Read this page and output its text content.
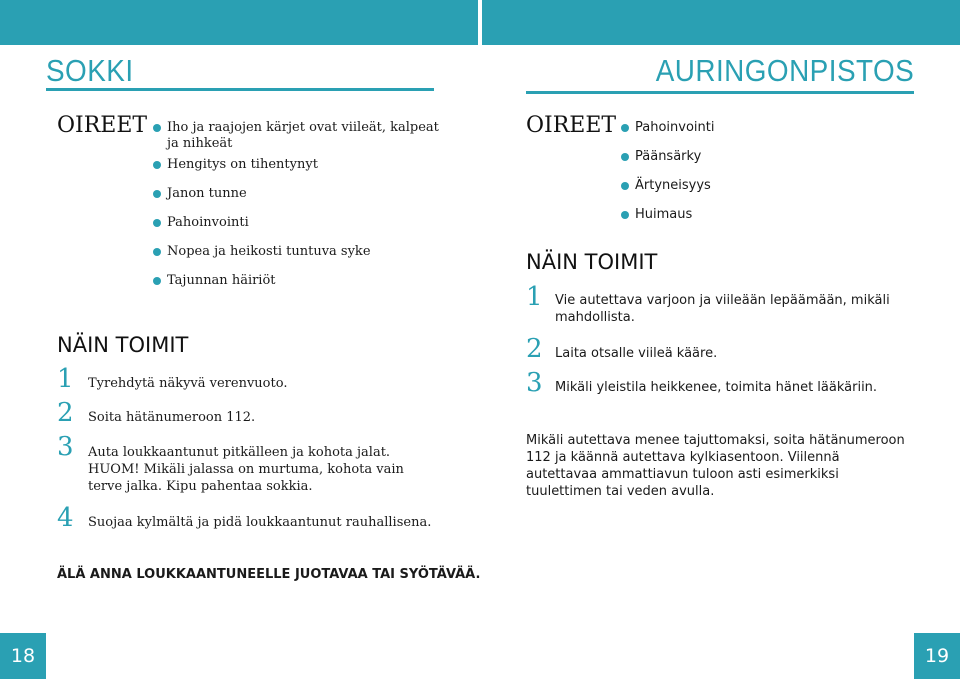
SOKKI
OIREET	Iho ja raajojen kärjet ovat viileät, kalpeat ja nihkeät
Hengitys on tihentynyt
Janon tunne
Pahoinvointi
Nopea ja heikosti tuntuva syke
Tajunnan häiriöt
NÄIN TOIMIT
1 Tyrehdytä näkyvä verenvuoto.
2 Soita hätänumeroon 112.
3 Auta loukkaantunut pitkälleen ja kohota jalat.
HUOM! Mikäli jalassa on murtuma, kohota vain terve jalka. Kipu pahentaa sokkia.
4 Suojaa kylmältä ja pidä loukkaantunut rauhallisena.
ÄLÄ ANNA LOUKKAANTUNEELLE JUOTAVAA TAI SYÖTÄVÄÄ.
18
AURINGONPISTOS
OIREET	Pahoinvointi
Päänsärky
Ärtyneisyys
Huimaus
NÄIN TOIMIT
1 Vie autettava varjoon ja viileään lepäämään, mikäli mahdollista.
2 Laita otsalle viileä kääre.
3 Mikäli yleistila heikkenee, toimita hänet lääkäriin.
Mikäli autettava menee tajuttomaksi, soita hätänumeroon 112 ja käännä autettava kylkiasentoon. Viilennä autettavaa ammattiavun tuloon asti esimerkiksi tuulettimen tai veden avulla.
19
